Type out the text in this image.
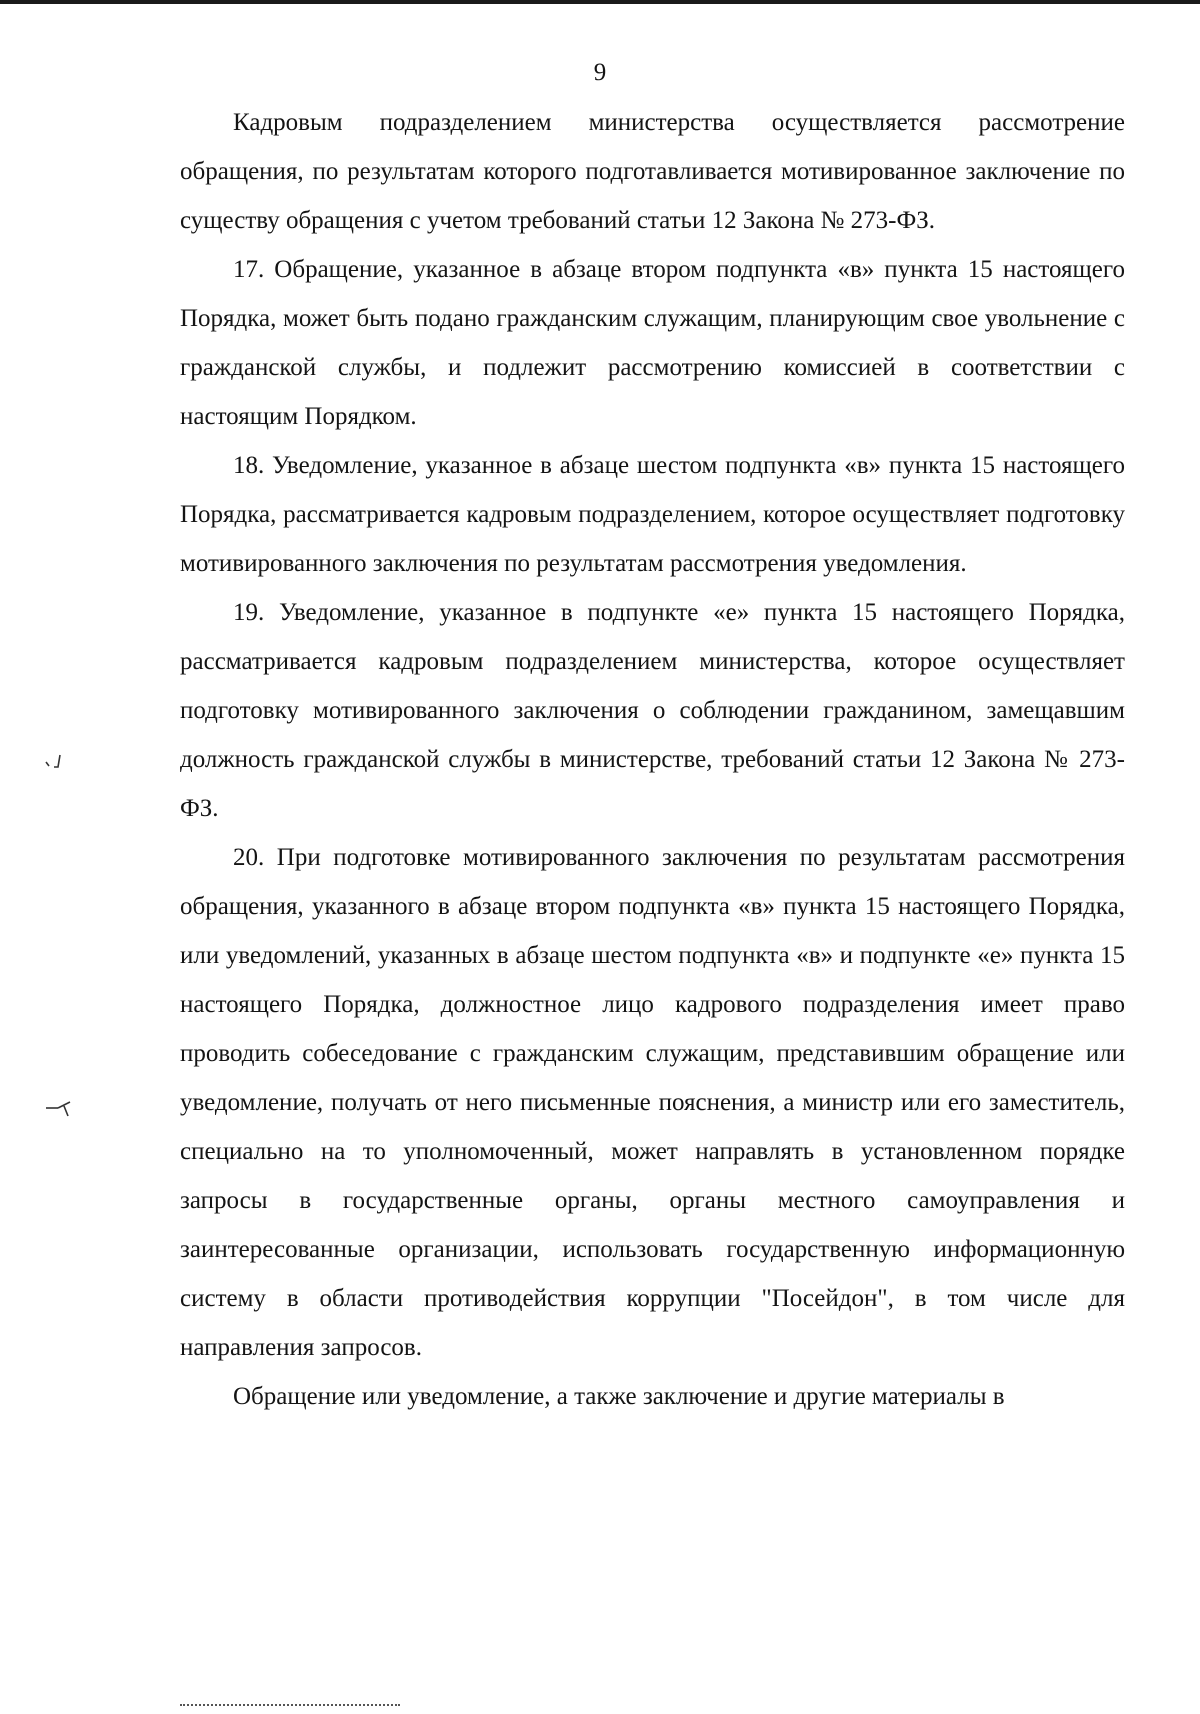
9

Кадровым подразделением министерства осуществляется рассмотрение обращения, по результатам которого подготавливается мотивированное заключение по существу обращения с учетом требований статьи 12 Закона № 273-ФЗ.

17. Обращение, указанное в абзаце втором подпункта «в» пункта 15 настоящего Порядка, может быть подано гражданским служащим, планирующим свое увольнение с гражданской службы, и подлежит рассмотрению комиссией в соответствии с настоящим Порядком.

18. Уведомление, указанное в абзаце шестом подпункта «в» пункта 15 настоящего Порядка, рассматривается кадровым подразделением, которое осуществляет подготовку мотивированного заключения по результатам рассмотрения уведомления.

19. Уведомление, указанное в подпункте «е» пункта 15 настоящего Порядка, рассматривается кадровым подразделением министерства, которое осуществляет подготовку мотивированного заключения о соблюдении гражданином, замещавшим должность гражданской службы в министерстве, требований статьи 12 Закона № 273-ФЗ.

20. При подготовке мотивированного заключения по результатам рассмотрения обращения, указанного в абзаце втором подпункта «в» пункта 15 настоящего Порядка, или уведомлений, указанных в абзаце шестом подпункта «в» и подпункте «е» пункта 15 настоящего Порядка, должностное лицо кадрового подразделения имеет право проводить собеседование с гражданским служащим, представившим обращение или уведомление, получать от него письменные пояснения, а министр или его заместитель, специально на то уполномоченный, может направлять в установленном порядке запросы в государственные органы, органы местного самоуправления и заинтересованные организации, использовать государственную информационную систему в области противодействия коррупции "Посейдон", в том числе для направления запросов.

Обращение или уведомление, а также заключение и другие материалы в
